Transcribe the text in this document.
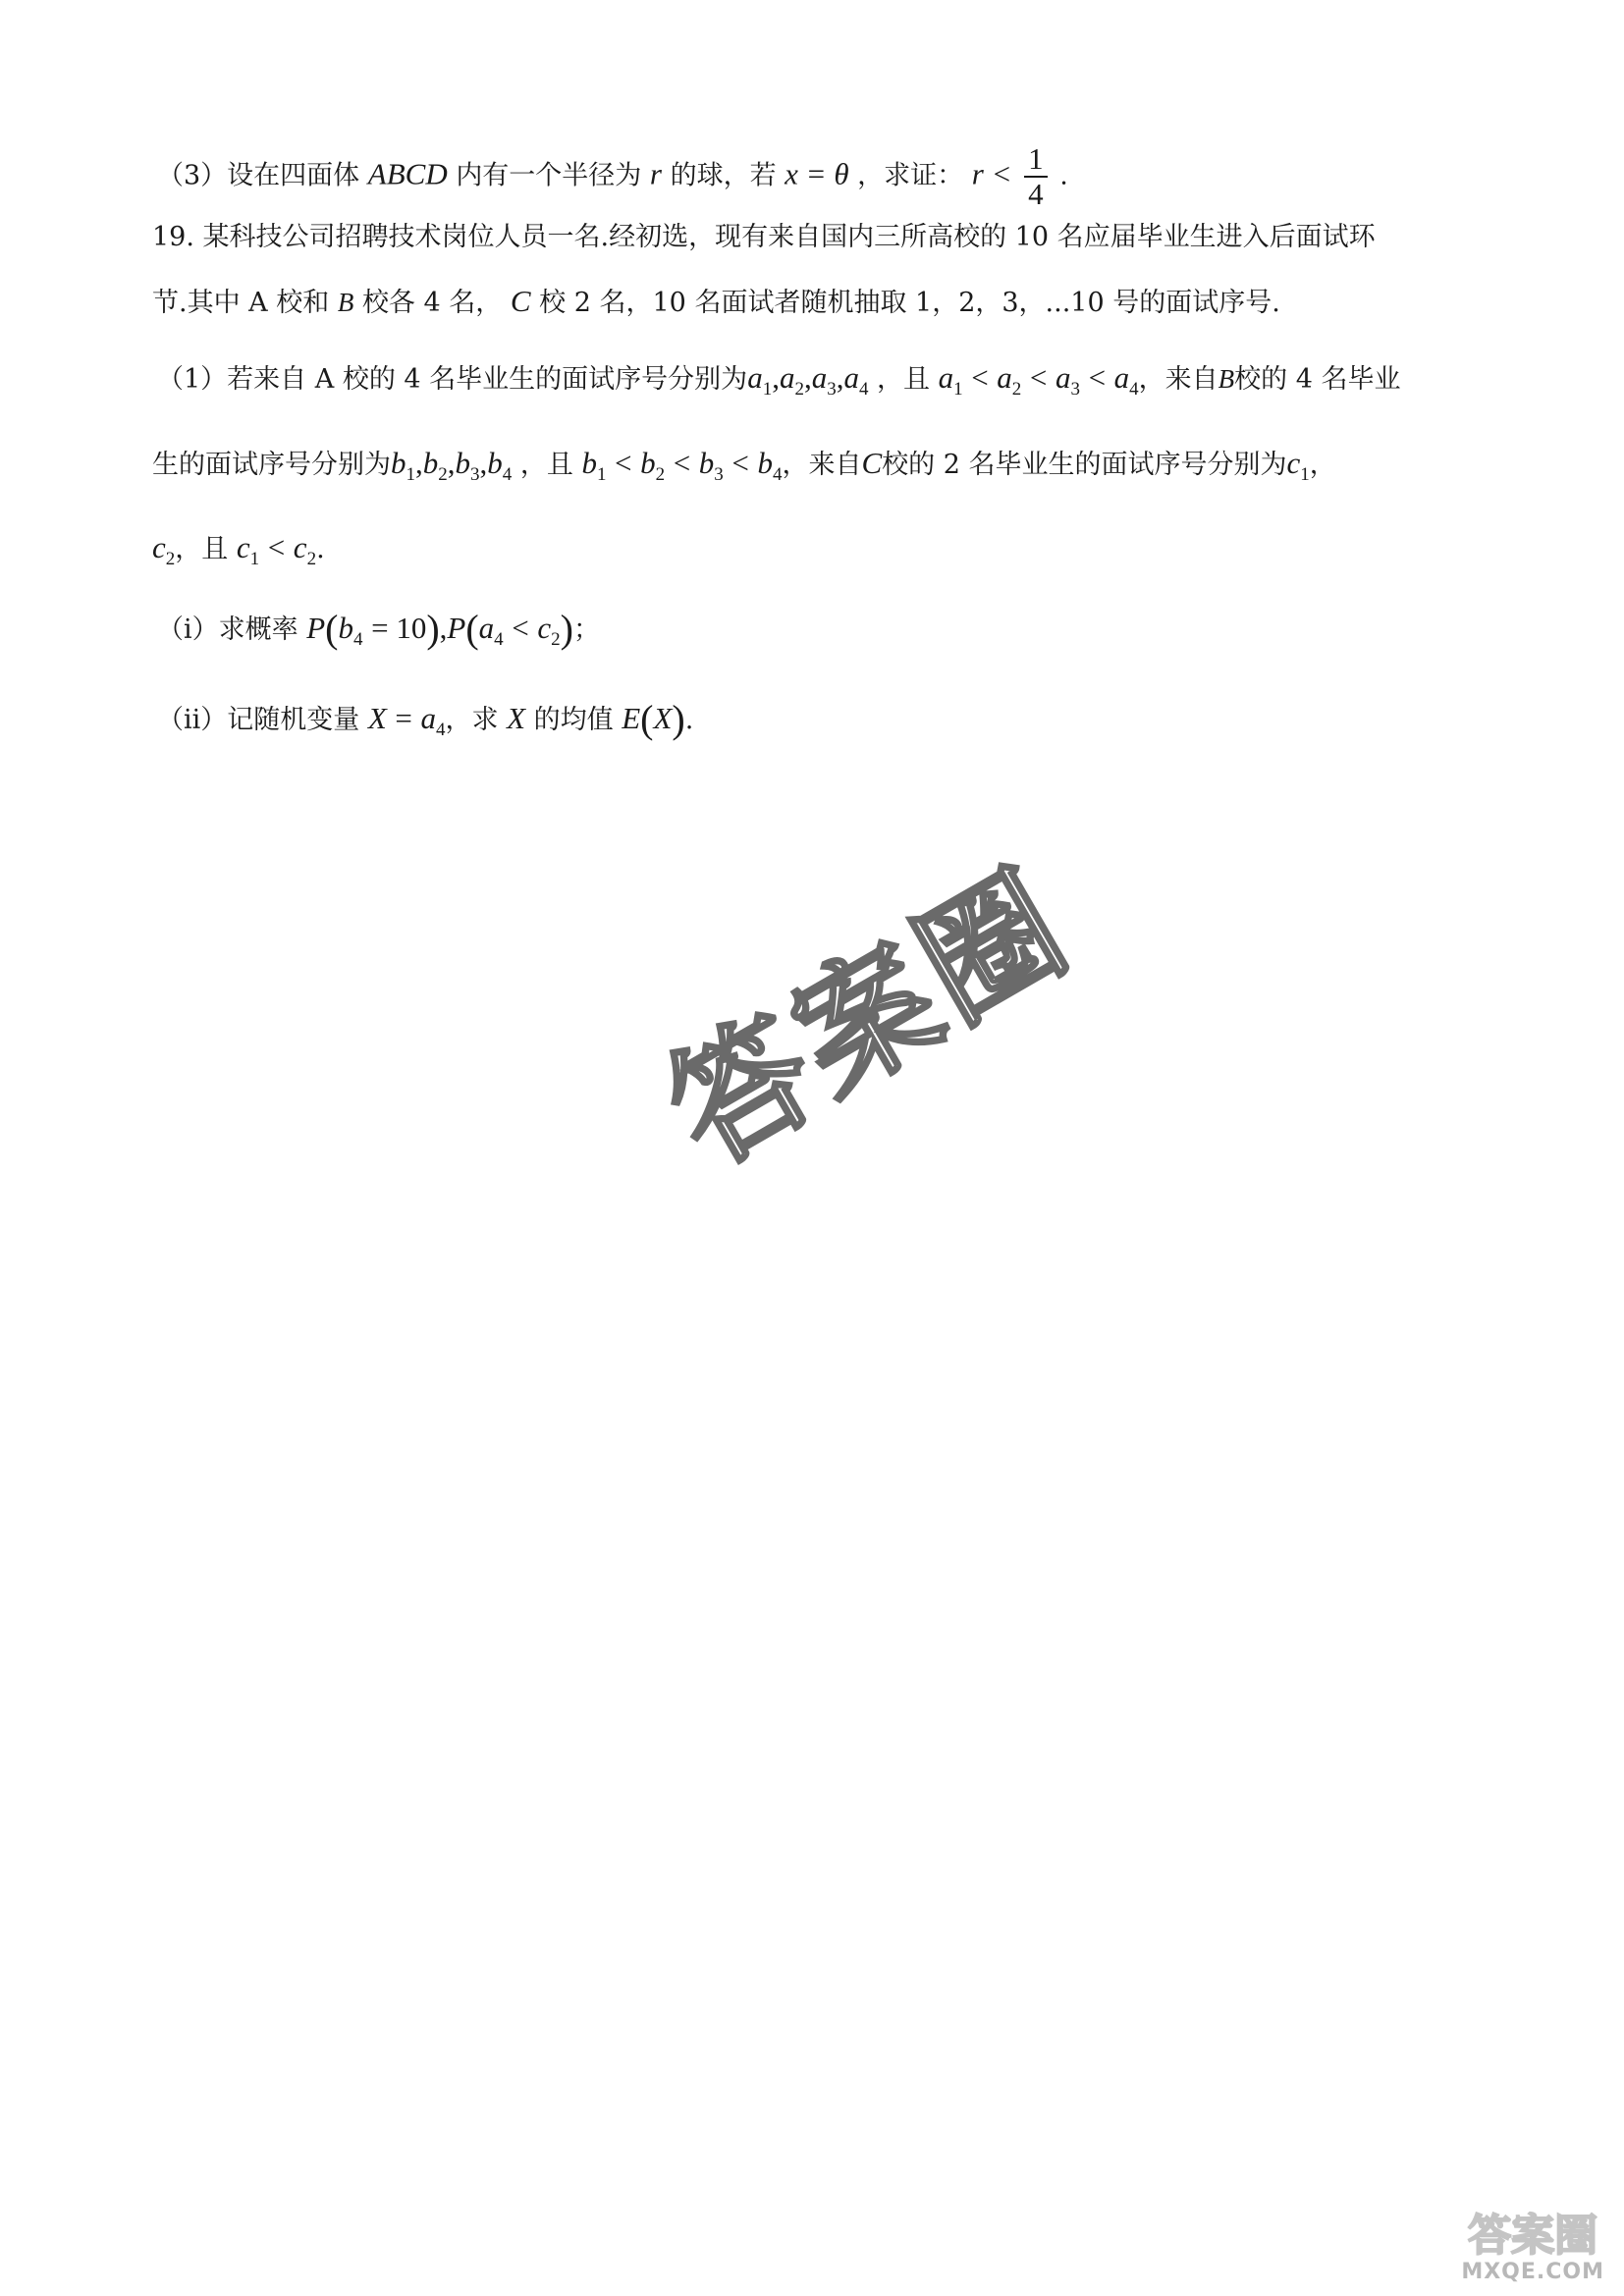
（3）设在四面体 ABCD 内有一个半径为 r 的球，若 x = θ ，求证： $r < \frac{1}{4}$ .
19. 某科技公司招聘技术岗位人员一名.经初选，现有来自国内三所高校的 10 名应届毕业生进入后面试环
节.其中 A 校和 B 校各 4 名， C 校 2 名，10 名面试者随机抽取 1，2，3，...10 号的面试序号.
（1）若来自 A 校的 4 名毕业生的面试序号分别为$a_1,a_2,a_3,a_4$ ，且 $a_1 < a_2 < a_3 < a_4$，来自B校的 4 名毕业
生的面试序号分别为$b_1,b_2,b_3,b_4$ ，且 $b_1 < b_2 < b_3 < b_4$，来自C校的 2 名毕业生的面试序号分别为$c_1$，
$c_2$，且 $c_1 < c_2$.
（i）求概率 $P(b_4 = 10),P(a_4 < c_2)$；
（ii）记随机变量 $X = a_4$，求 X 的均值 E(X).
答案圈
答案圈
MXQE.COM
